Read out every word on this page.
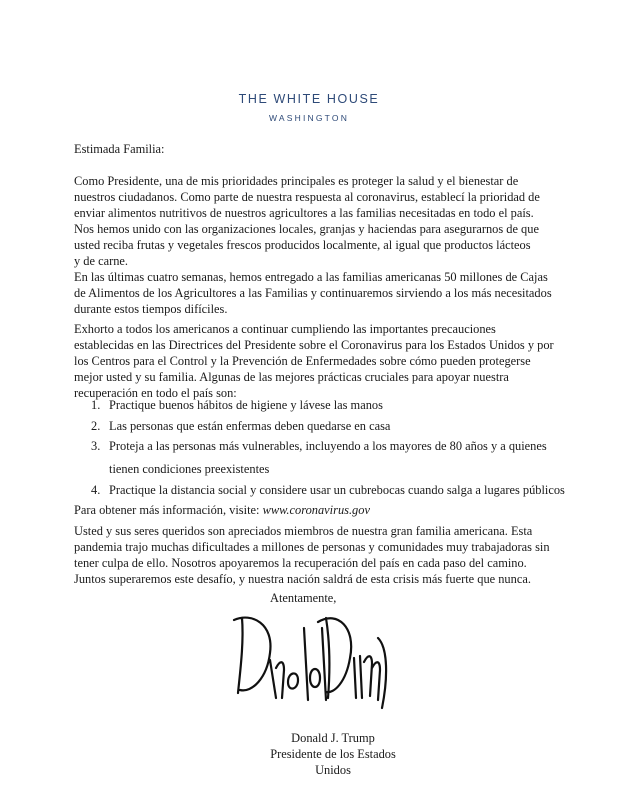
THE WHITE HOUSE
WASHINGTON
Estimada Familia:
Como Presidente, una de mis prioridades principales es proteger la salud y el bienestar de
nuestros ciudadanos. Como parte de nuestra respuesta al coronavirus, establecí la prioridad de
enviar alimentos nutritivos de nuestros agricultores a las familias necesitadas en todo el país.
Nos hemos unido con las organizaciones locales, granjas y haciendas para asegurarnos de que
usted reciba frutas y vegetales frescos producidos localmente, al igual que productos lácteos
y de carne.
En las últimas cuatro semanas, hemos entregado a las familias americanas 50 millones de Cajas
de Alimentos de los Agricultores a las Familias y continuaremos sirviendo a los más necesitados
durante estos tiempos difíciles.
Exhorto a todos los americanos a continuar cumpliendo las importantes precauciones
establecidas en las Directrices del Presidente sobre el Coronavirus para los Estados Unidos y por
los Centros para el Control y la Prevención de Enfermedades sobre cómo pueden protegerse
mejor usted y su familia. Algunas de las mejores prácticas cruciales para apoyar nuestra
recuperación en todo el país son:
1. Practique buenos hábitos de higiene y lávese las manos
2. Las personas que están enfermas deben quedarse en casa
3. Proteja a las personas más vulnerables, incluyendo a los mayores de 80 años y a quienes
tienen condiciones preexistentes
4. Practique la distancia social y considere usar un cubrebocas cuando salga a lugares públicos
Para obtener más información, visite: www.coronavirus.gov
Usted y sus seres queridos son apreciados miembros de nuestra gran familia americana. Esta
pandemia trajo muchas dificultades a millones de personas y comunidades muy trabajadoras sin
tener culpa de ello. Nosotros apoyaremos la recuperación del país en cada paso del camino.
Juntos superaremos este desafío, y nuestra nación saldrá de esta crisis más fuerte que nunca.
Atentamente,
Donald J. Trump
Presidente de los Estados Unidos
